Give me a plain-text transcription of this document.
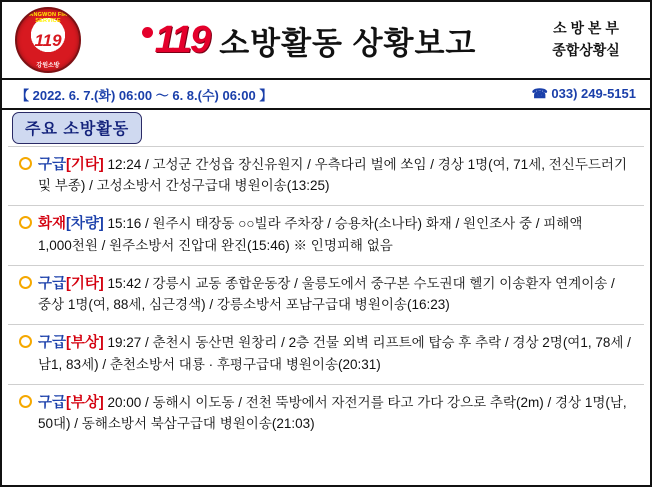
GANGWON FIRE SERVICE
119
강원소방
119 소방활동 상황보고	소 방 본 부
종합상황실
【 2022. 6. 7.(화) 06:00 ～ 6. 8.(수) 06:00 】	☎ 033) 249-5151
주요 소방활동
구급[기타] 12:24 / 고성군 간성읍 장신유원지 / 우측다리 벌에 쏘임 / 경상 1명(여, 71세, 전신두드러기 및 부종) / 고성소방서 간성구급대 병원이송(13:25)
화재[차량] 15:16 / 원주시 태장동 ○○빌라 주차장 / 승용차(소나타) 화재 / 원인조사 중 / 피해액 1,000천원 / 원주소방서 진압대 완진(15:46) ※ 인명피해 없음
구급[기타] 15:42 / 강릉시 교동 종합운동장 / 울릉도에서 중구본 수도권대 헬기 이송환자 연계이송 / 중상 1명(여, 88세, 심근경색) / 강릉소방서 포남구급대 병원이송(16:23)
구급[부상] 19:27 / 춘천시 동산면 원창리 / 2층 건물 외벽 리프트에 탑승 후 추락 / 경상 2명(여1, 78세 / 남1, 83세) / 춘천소방서 대룡 · 후평구급대 병원이송(20:31)
구급[부상] 20:00 / 동해시 이도동 / 전천 뚝방에서 자전거를 타고 가다 강으로 추락(2m) / 경상 1명(남, 50대) / 동해소방서 북삼구급대 병원이송(21:03)
